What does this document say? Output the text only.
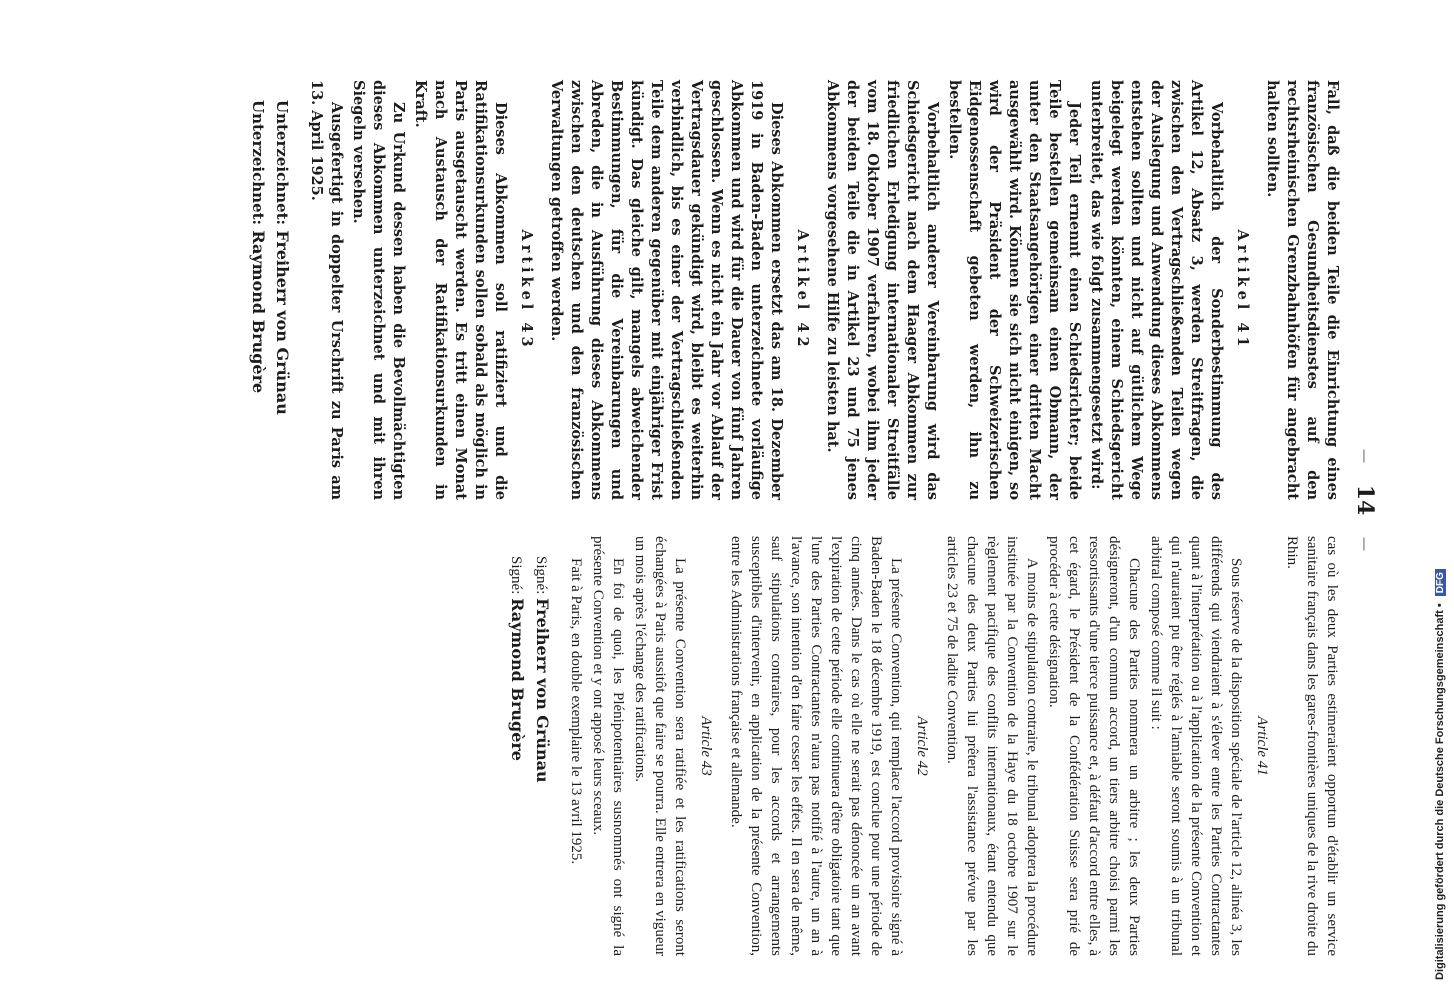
— 14 —

Fall, daß die beiden Teile die Einrichtung eines französischen Gesundheitsdienstes auf den rechtsrheinischen Grenzbahnhöfen für angebracht halten sollten.

Artikel 41

Vorbehaltlich der Sonderbestimmung des Artikel 12, Absatz 3, werden Streitfragen, die zwischen den Vertragschließenden Teilen wegen der Auslegung und Anwendung dieses Abkommens entstehen sollten und nicht auf gütlichem Wege beigelegt werden könnten, einem Schiedsgericht unterbreitet, das wie folgt zusammengesetzt wird:

Jeder Teil ernennt einen Schiedsrichter; beide Teile bestellen gemeinsam einen Obmann, der unter den Staatsangehörigen einer dritten Macht ausgewählt wird. Können sie sich nicht einigen, so wird der Präsident der Schweizerischen Eidgenossenschaft gebeten werden, ihn zu bestellen.

Vorbehaltlich anderer Vereinbarung wird das Schiedsgericht nach dem Haager Abkommen zur friedlichen Erledigung internationaler Streitfälle vom 18. Oktober 1907 verfahren, wobei ihm jeder der beiden Teile die in Artikel 23 und 75 jenes Abkommens vorgesehene Hilfe zu leisten hat.

Artikel 42

Dieses Abkommen ersetzt das am 18. Dezember 1919 in Baden-Baden unterzeichnete vorläufige Abkommen und wird für die Dauer von fünf Jahren geschlossen. Wenn es nicht ein Jahr vor Ablauf der Vertragsdauer gekündigt wird, bleibt es weiterhin verbindlich, bis es einer der Vertragschließenden Teile dem anderen gegenüber mit einjähriger Frist kündigt. Das gleiche gilt, mangels abweichender Bestimmungen, für die Vereinbarungen und Abreden, die in Ausführung dieses Abkommens zwischen den deutschen und den französischen Verwaltungen getroffen werden.

Artikel 43

Dieses Abkommen soll ratifiziert und die Ratifikationsurkunden sollen sobald als möglich in Paris ausgetauscht werden. Es tritt einen Monat nach Austausch der Ratifikationsurkunden in Kraft.

Zu Urkund dessen haben die Bevollmächtigten dieses Abkommen unterzeichnet und mit ihren Siegeln versehen.

Ausgefertigt in doppelter Urschrift zu Paris am 13. April 1925.

Unterzeichnet: Freiherr von Grünau
Unterzeichnet: Raymond Brugère

cas où les deux Parties estimeraient opportun d'établir un service sanitaire français dans les gares-frontières uniques de la rive droite du Rhin.

Article 41

Sous réserve de la disposition spéciale de l'article 12, alinéa 3, les différends qui viendraient à s'élever entre les Parties Contractantes quant à l'interprétation ou à l'application de la présente Convention et qui n'auraient pu être réglés à l'amiable seront soumis à un tribunal arbitral composé comme il suit :

Chacune des Parties nommera un arbitre ; les deux Parties désigneront, d'un commun accord, un tiers arbitre choisi parmi les ressortissants d'une tierce puissance et, à défaut d'accord entre elles, à cet égard, le Président de la Confédération Suisse sera prié de procéder à cette désignation.

A moins de stipulation contraire, le tribunal adoptera la procédure instituée par la Convention de la Haye du 18 octobre 1907 sur le règlement pacifique des conflits internationaux, étant entendu que chacune des deux Parties lui prêtera l'assistance prévue par les articles 23 et 75 de ladite Convention.

Article 42

La présente Convention, qui remplace l'accord provisoire signé à Baden-Baden le 18 décembre 1919, est conclue pour une période de cinq années. Dans le cas où elle ne serait pas dénoncée un an avant l'expiration de cette période elle continuera d'être obligatoire tant que l'une des Parties Contractantes n'aura pas notifié à l'autre, un an à l'avance, son intention d'en faire cesser les effets. Il en sera de même, sauf stipulations contraires, pour les accords et arrangements susceptibles d'intervenir, en application de la présente Convention, entre les Administrations française et allemande.

Article 43

La présente Convention sera ratifiée et les ratifications seront échangées à Paris aussitôt que faire se pourra. Elle entrera en vigueur un mois après l'échange des ratifications.

En foi de quoi, les Plénipotentiaires susnommés ont signé la présente Convention et y ont apposé leurs sceaux.

Fait à Paris, en double exemplaire le 13 avril 1925.

Signé: Freiherr von Grünau
Signé: Raymond Brugère	Digitalisierung gefördert durch die Deutsche Forschungsgemeinschaft • DFG
